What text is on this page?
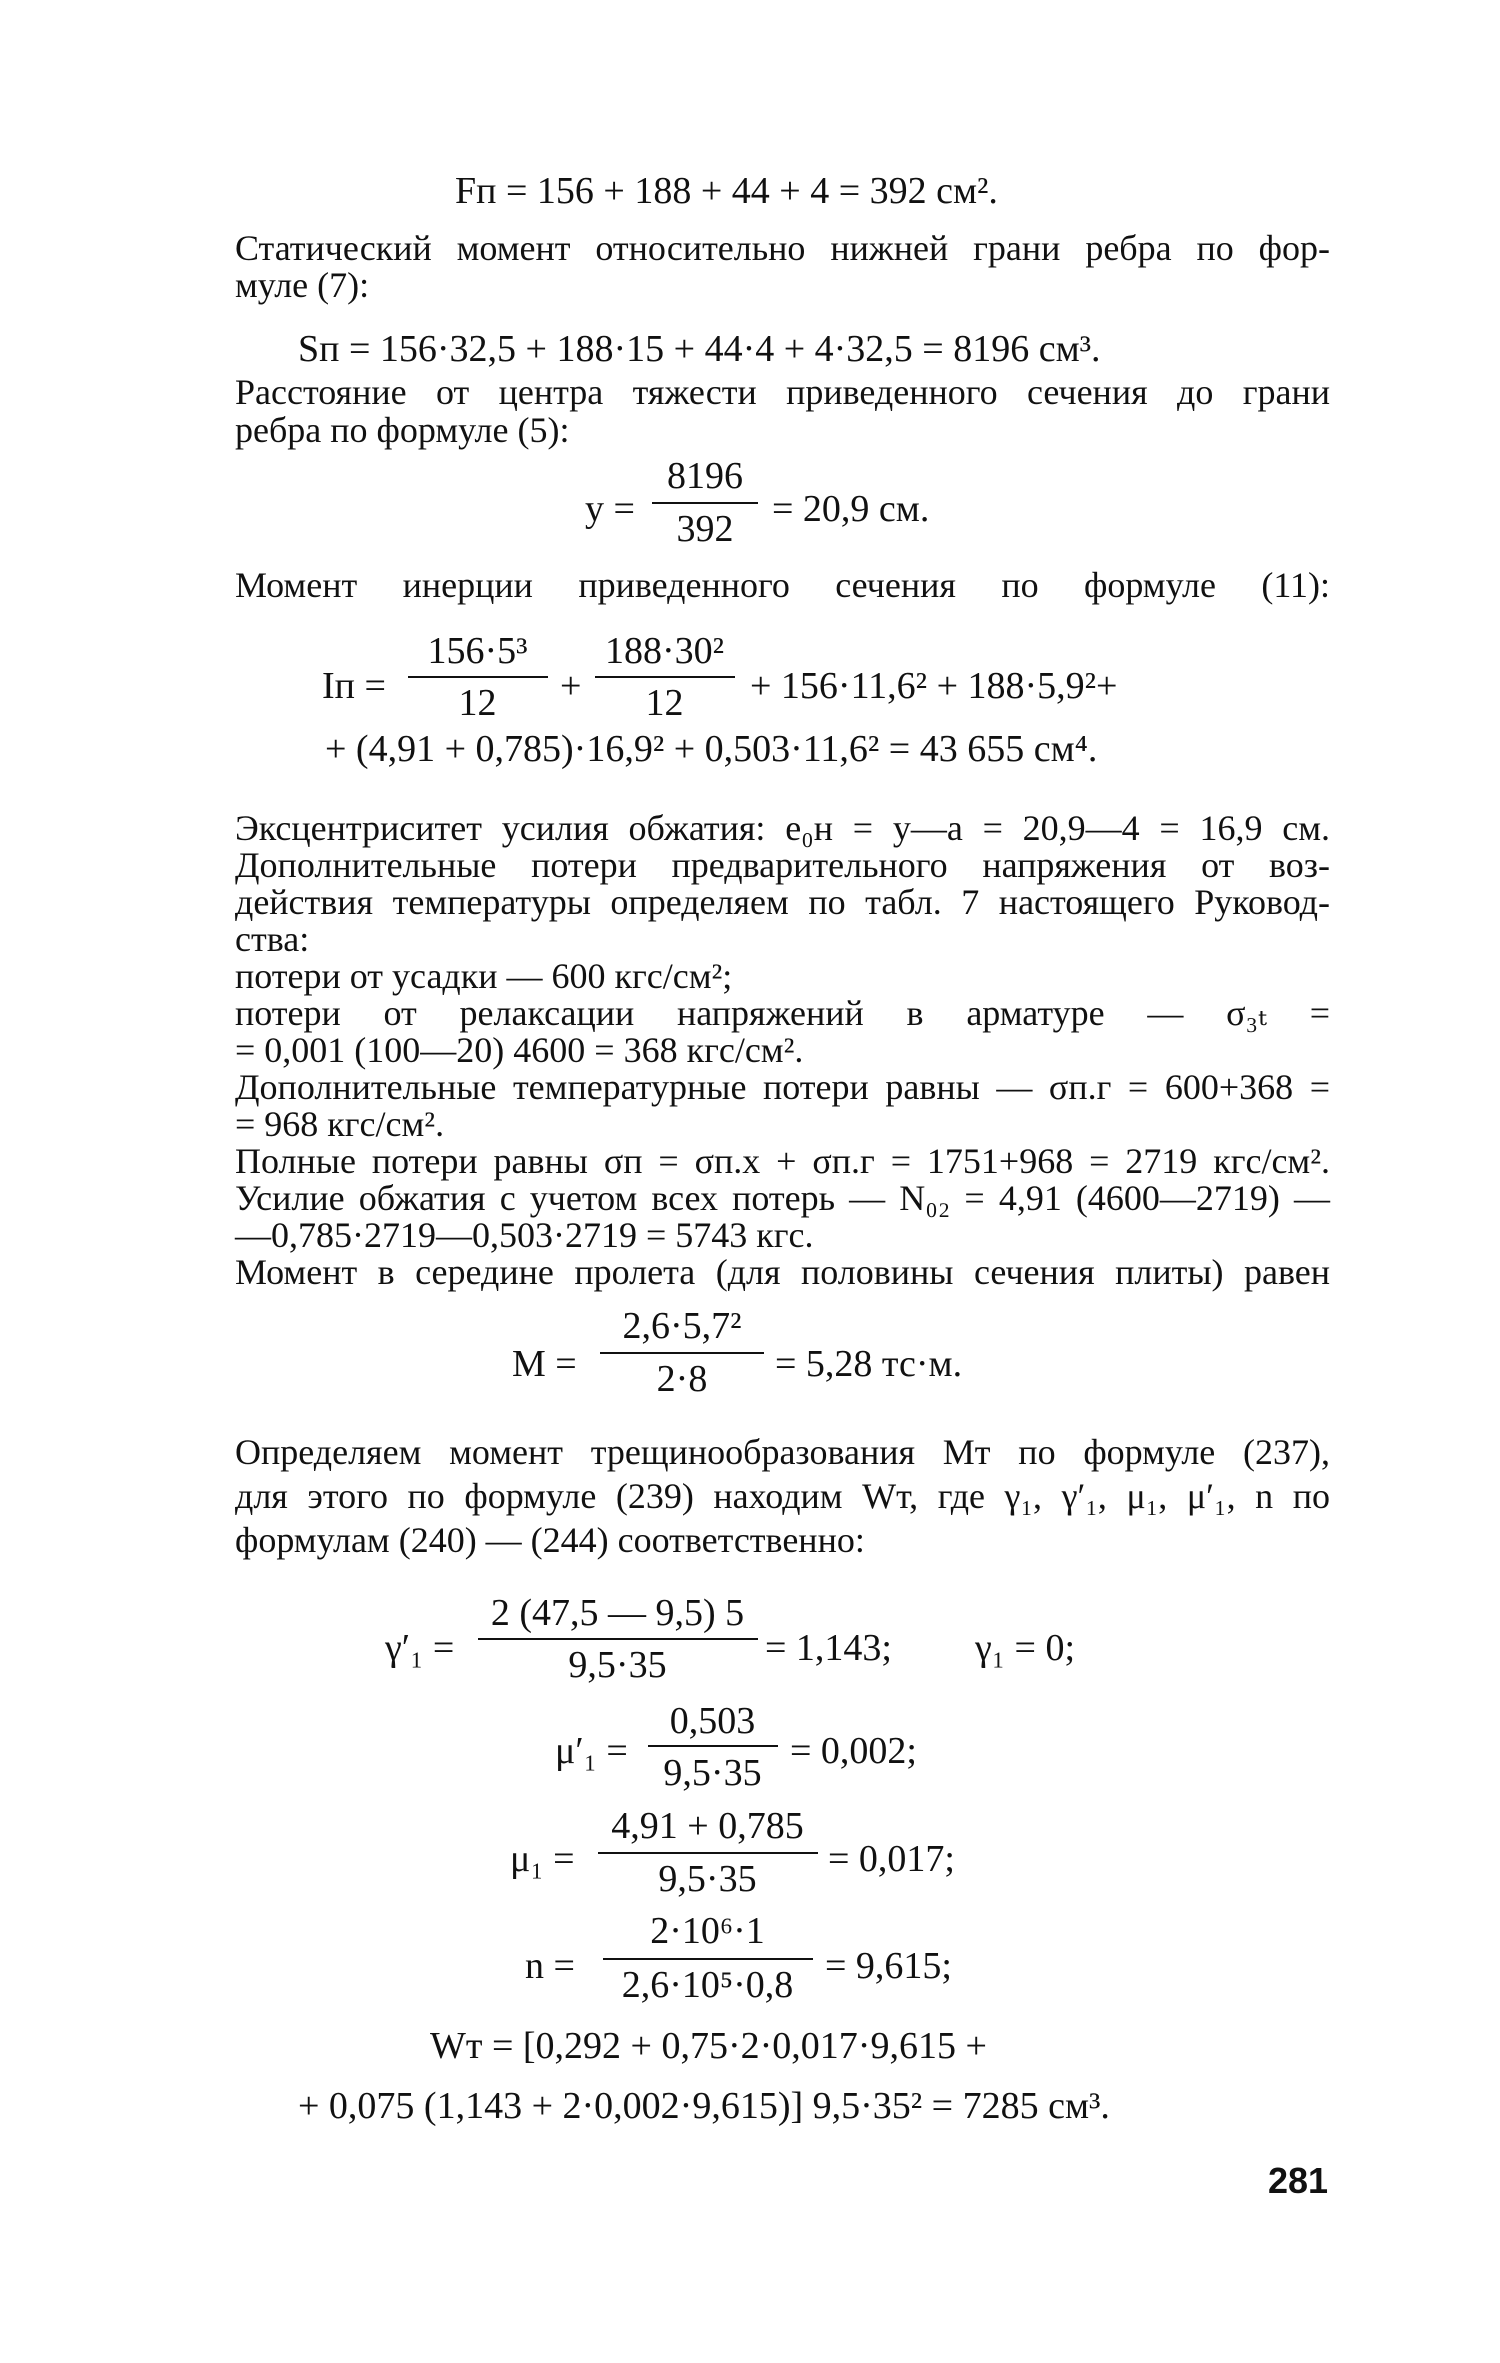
Fп = 156 + 188 + 44 + 4 = 392 см².
Статический момент относительно нижней грани ребра по фор-
муле (7):
Sп = 156·32,5 + 188·15 + 44·4 + 4·32,5 = 8196 см³.
Расстояние от центра тяжести приведенного сечения до грани
ребра по формуле (5):
y =
8196
392	= 20,9 см.
Момент инерции приведенного сечения по формуле (11):
Iп =
156·5³
12	+
188·30²
12	+ 156·11,6² + 188·5,9²+
+ (4,91 + 0,785)·16,9² + 0,503·11,6² = 43 655 см⁴.
Эксцентриситет усилия обжатия: e₀н = y—a = 20,9—4 = 16,9 см.
Дополнительные потери предварительного напряжения от воз-
действия температуры определяем по табл. 7 настоящего Руковод-
ства:
потери от усадки — 600 кгс/см²;
потери от релаксации напряжений в арматуре — σ₃ₜ =
= 0,001 (100—20) 4600 = 368 кгс/см².
Дополнительные температурные потери равны — σп.г = 600+368 =
= 968 кгс/см².
Полные потери равны σп = σп.х + σп.г = 1751+968 = 2719 кгс/см².
Усилие обжатия с учетом всех потерь — N₀₂ = 4,91 (4600—2719) —
—0,785·2719—0,503·2719 = 5743 кгс.
Момент в середине пролета (для половины сечения плиты) равен
M =
2,6·5,7²
2·8	= 5,28 тс·м.
Определяем момент трещинообразования Mт по формуле (237),
для этого по формуле (239) находим Wт, где γ₁, γ′₁, μ₁, μ′₁, n по
формулам (240) — (244) соответственно:
γ′₁ =
2 (47,5 — 9,5) 5
9,5·35	= 1,143; γ₁ = 0;
μ′₁ =
0,503
9,5·35
= 0,002;
μ₁ =
4,91 + 0,785
9,5·35	= 0,017;
n =
2·10⁶·1
2,6·10⁵·0,8 = 9,615;
Wт = [0,292 + 0,75·2·0,017·9,615 +
+ 0,075 (1,143 + 2·0,002·9,615)] 9,5·35² = 7285 см³.
281
